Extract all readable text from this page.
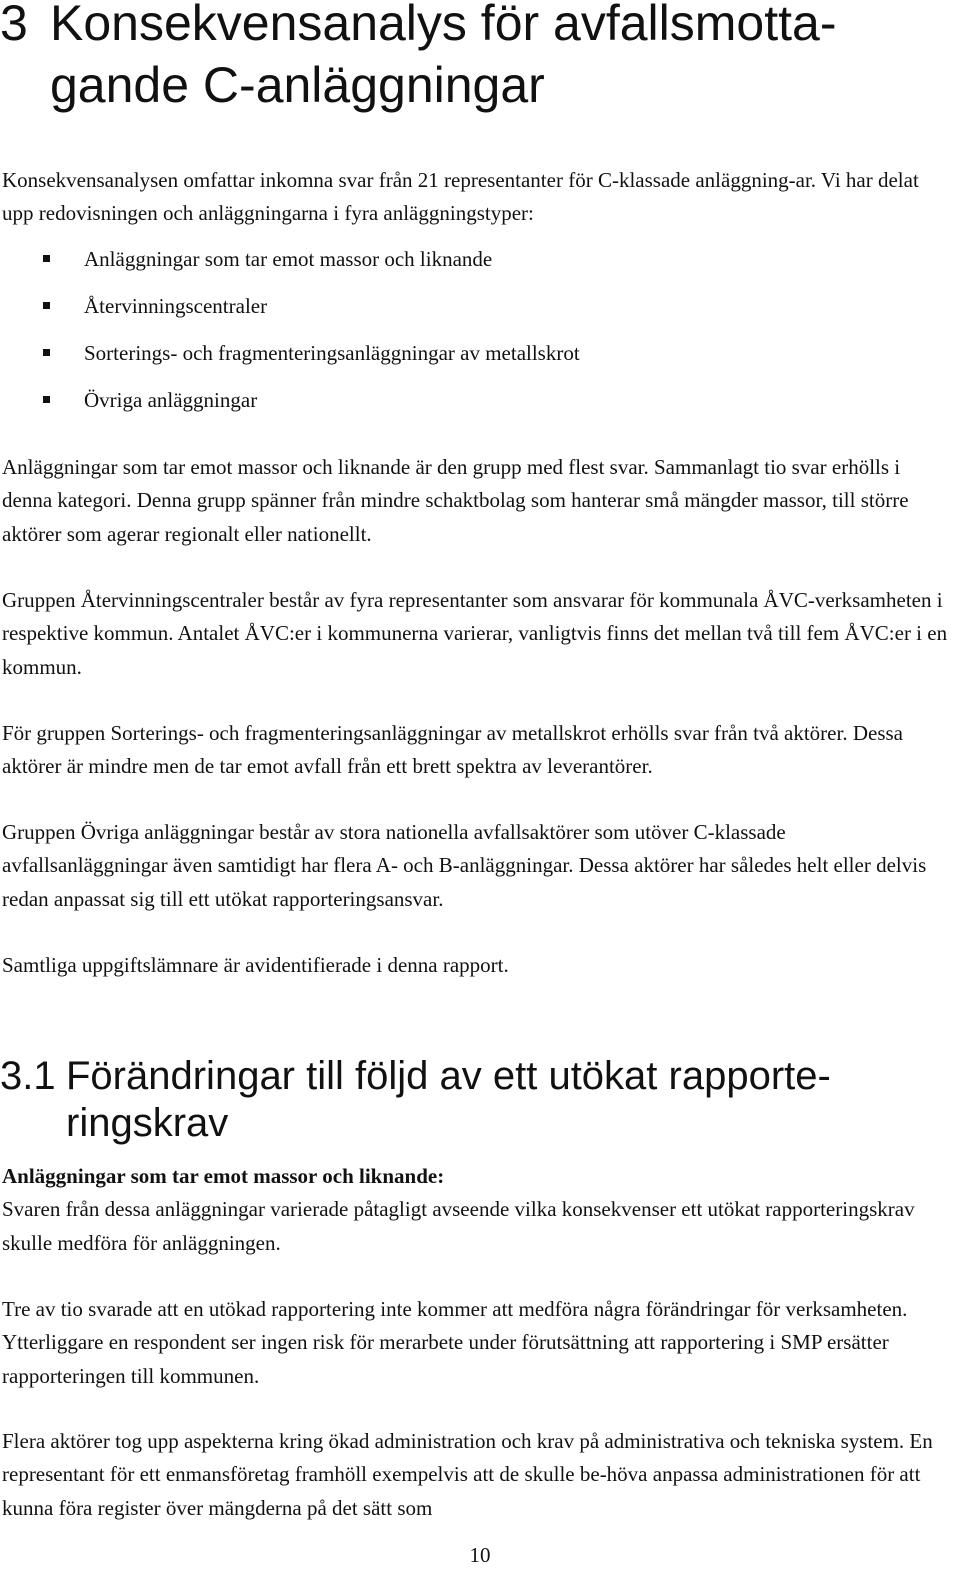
3 Konsekvensanalys för avfallsmotta-
gande C-anläggningar

Konsekvensanalysen omfattar inkomna svar från 21 representanter för C-klassade anläggning-ar. Vi har delat upp redovisningen och anläggningarna i fyra anläggningstyper:

Anläggningar som tar emot massor och liknande
Återvinningscentraler
Sorterings- och fragmenteringsanläggningar av metallskrot
Övriga anläggningar

Anläggningar som tar emot massor och liknande är den grupp med flest svar. Sammanlagt tio svar erhölls i denna kategori. Denna grupp spänner från mindre schaktbolag som hanterar små mängder massor, till större aktörer som agerar regionalt eller nationellt.

Gruppen Återvinningscentraler består av fyra representanter som ansvarar för kommunala ÅVC-verksamheten i respektive kommun. Antalet ÅVC:er i kommunerna varierar, vanligtvis finns det mellan två till fem ÅVC:er i en kommun.

För gruppen Sorterings- och fragmenteringsanläggningar av metallskrot erhölls svar från två aktörer. Dessa aktörer är mindre men de tar emot avfall från ett brett spektra av leverantörer.

Gruppen Övriga anläggningar består av stora nationella avfallsaktörer som utöver C-klassade avfallsanläggningar även samtidigt har flera A- och B-anläggningar. Dessa aktörer har således helt eller delvis redan anpassat sig till ett utökat rapporteringsansvar.

Samtliga uppgiftslämnare är avidentifierade i denna rapport.

3.1 Förändringar till följd av ett utökat rapporte-
ringskrav

Anläggningar som tar emot massor och liknande:
Svaren från dessa anläggningar varierade påtagligt avseende vilka konsekvenser ett utökat rapporteringskrav skulle medföra för anläggningen.

Tre av tio svarade att en utökad rapportering inte kommer att medföra några förändringar för verksamheten. Ytterliggare en respondent ser ingen risk för merarbete under förutsättning att rapportering i SMP ersätter rapporteringen till kommunen.

Flera aktörer tog upp aspekterna kring ökad administration och krav på administrativa och tekniska system. En representant för ett enmansföretag framhöll exempelvis att de skulle be-höva anpassa administrationen för att kunna föra register över mängderna på det sätt som

10
